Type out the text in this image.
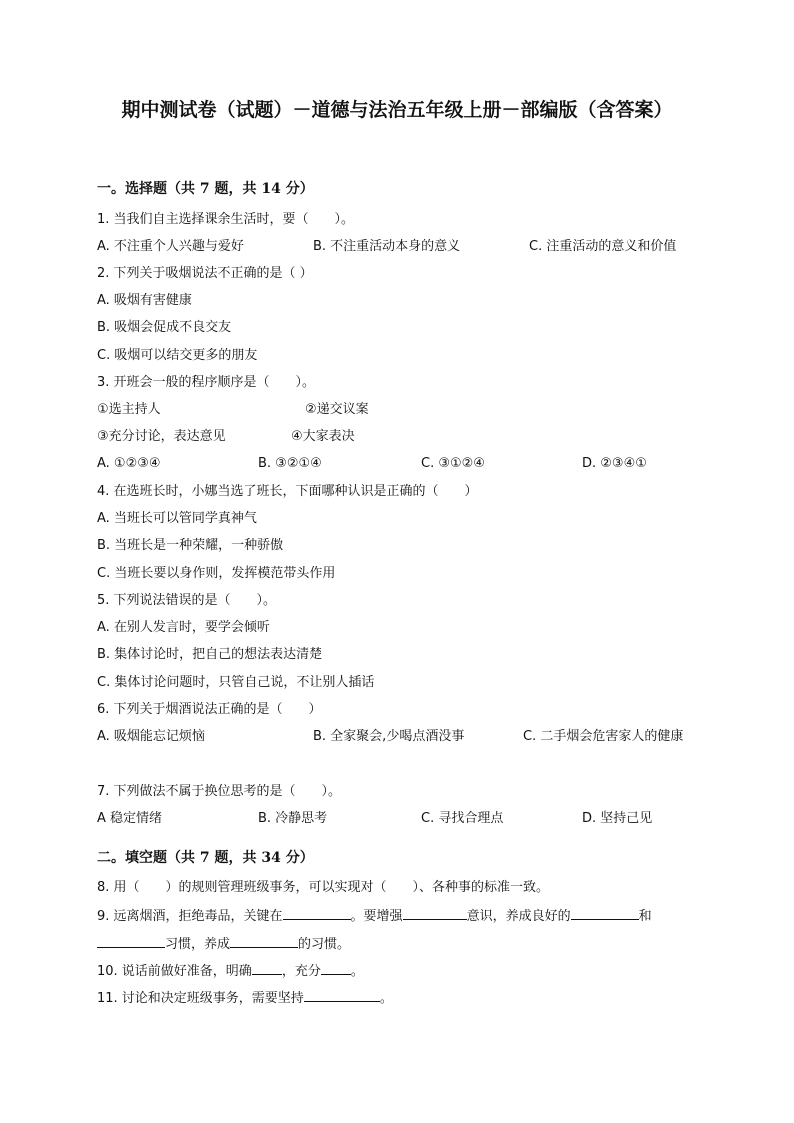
期中测试卷（试题）－道德与法治五年级上册－部编版（含答案）
一。选择题（共 7 题，共 14 分）
1. 当我们自主选择课余生活时，要（　　）。
A. 不注重个人兴趣与爱好	B. 不注重活动本身的意义	C. 注重活动的意义和价值
2. 下列关于吸烟说法不正确的是（ ）
A. 吸烟有害健康
B. 吸烟会促成不良交友
C. 吸烟可以结交更多的朋友
3. 开班会一般的程序顺序是（　　）。
①选主持人	②递交议案
③充分讨论，表达意见	④大家表决
A. ①②③④	B. ③②①④	C. ③①②④	D. ②③④①
4. 在选班长时，小娜当选了班长，下面哪种认识是正确的（　　）
A. 当班长可以管同学真神气
B. 当班长是一种荣耀，一种骄傲
C. 当班长要以身作则，发挥模范带头作用
5. 下列说法错误的是（　　）。
A. 在别人发言时，要学会倾听
B. 集体讨论时，把自己的想法表达清楚
C. 集体讨论问题时，只管自己说，不让别人插话
6. 下列关于烟酒说法正确的是（　　）
A. 吸烟能忘记烦恼	B. 全家聚会,少喝点酒没事	C. 二手烟会危害家人的健康
7. 下列做法不属于换位思考的是（　　）。
A 稳定情绪	B. 冷静思考	C. 寻找合理点	D. 坚持己见
二。填空题（共 7 题，共 34 分）
8. 用（　　）的规则管理班级事务，可以实现对（　　）、各种事的标准一致。
9. 远离烟酒，拒绝毒品，关键在	。要增强	意识，养成良好的	和
习惯，养成	的习惯。
10. 说话前做好准备，明确 ，充分 。
11. 讨论和决定班级事务，需要坚持	。
